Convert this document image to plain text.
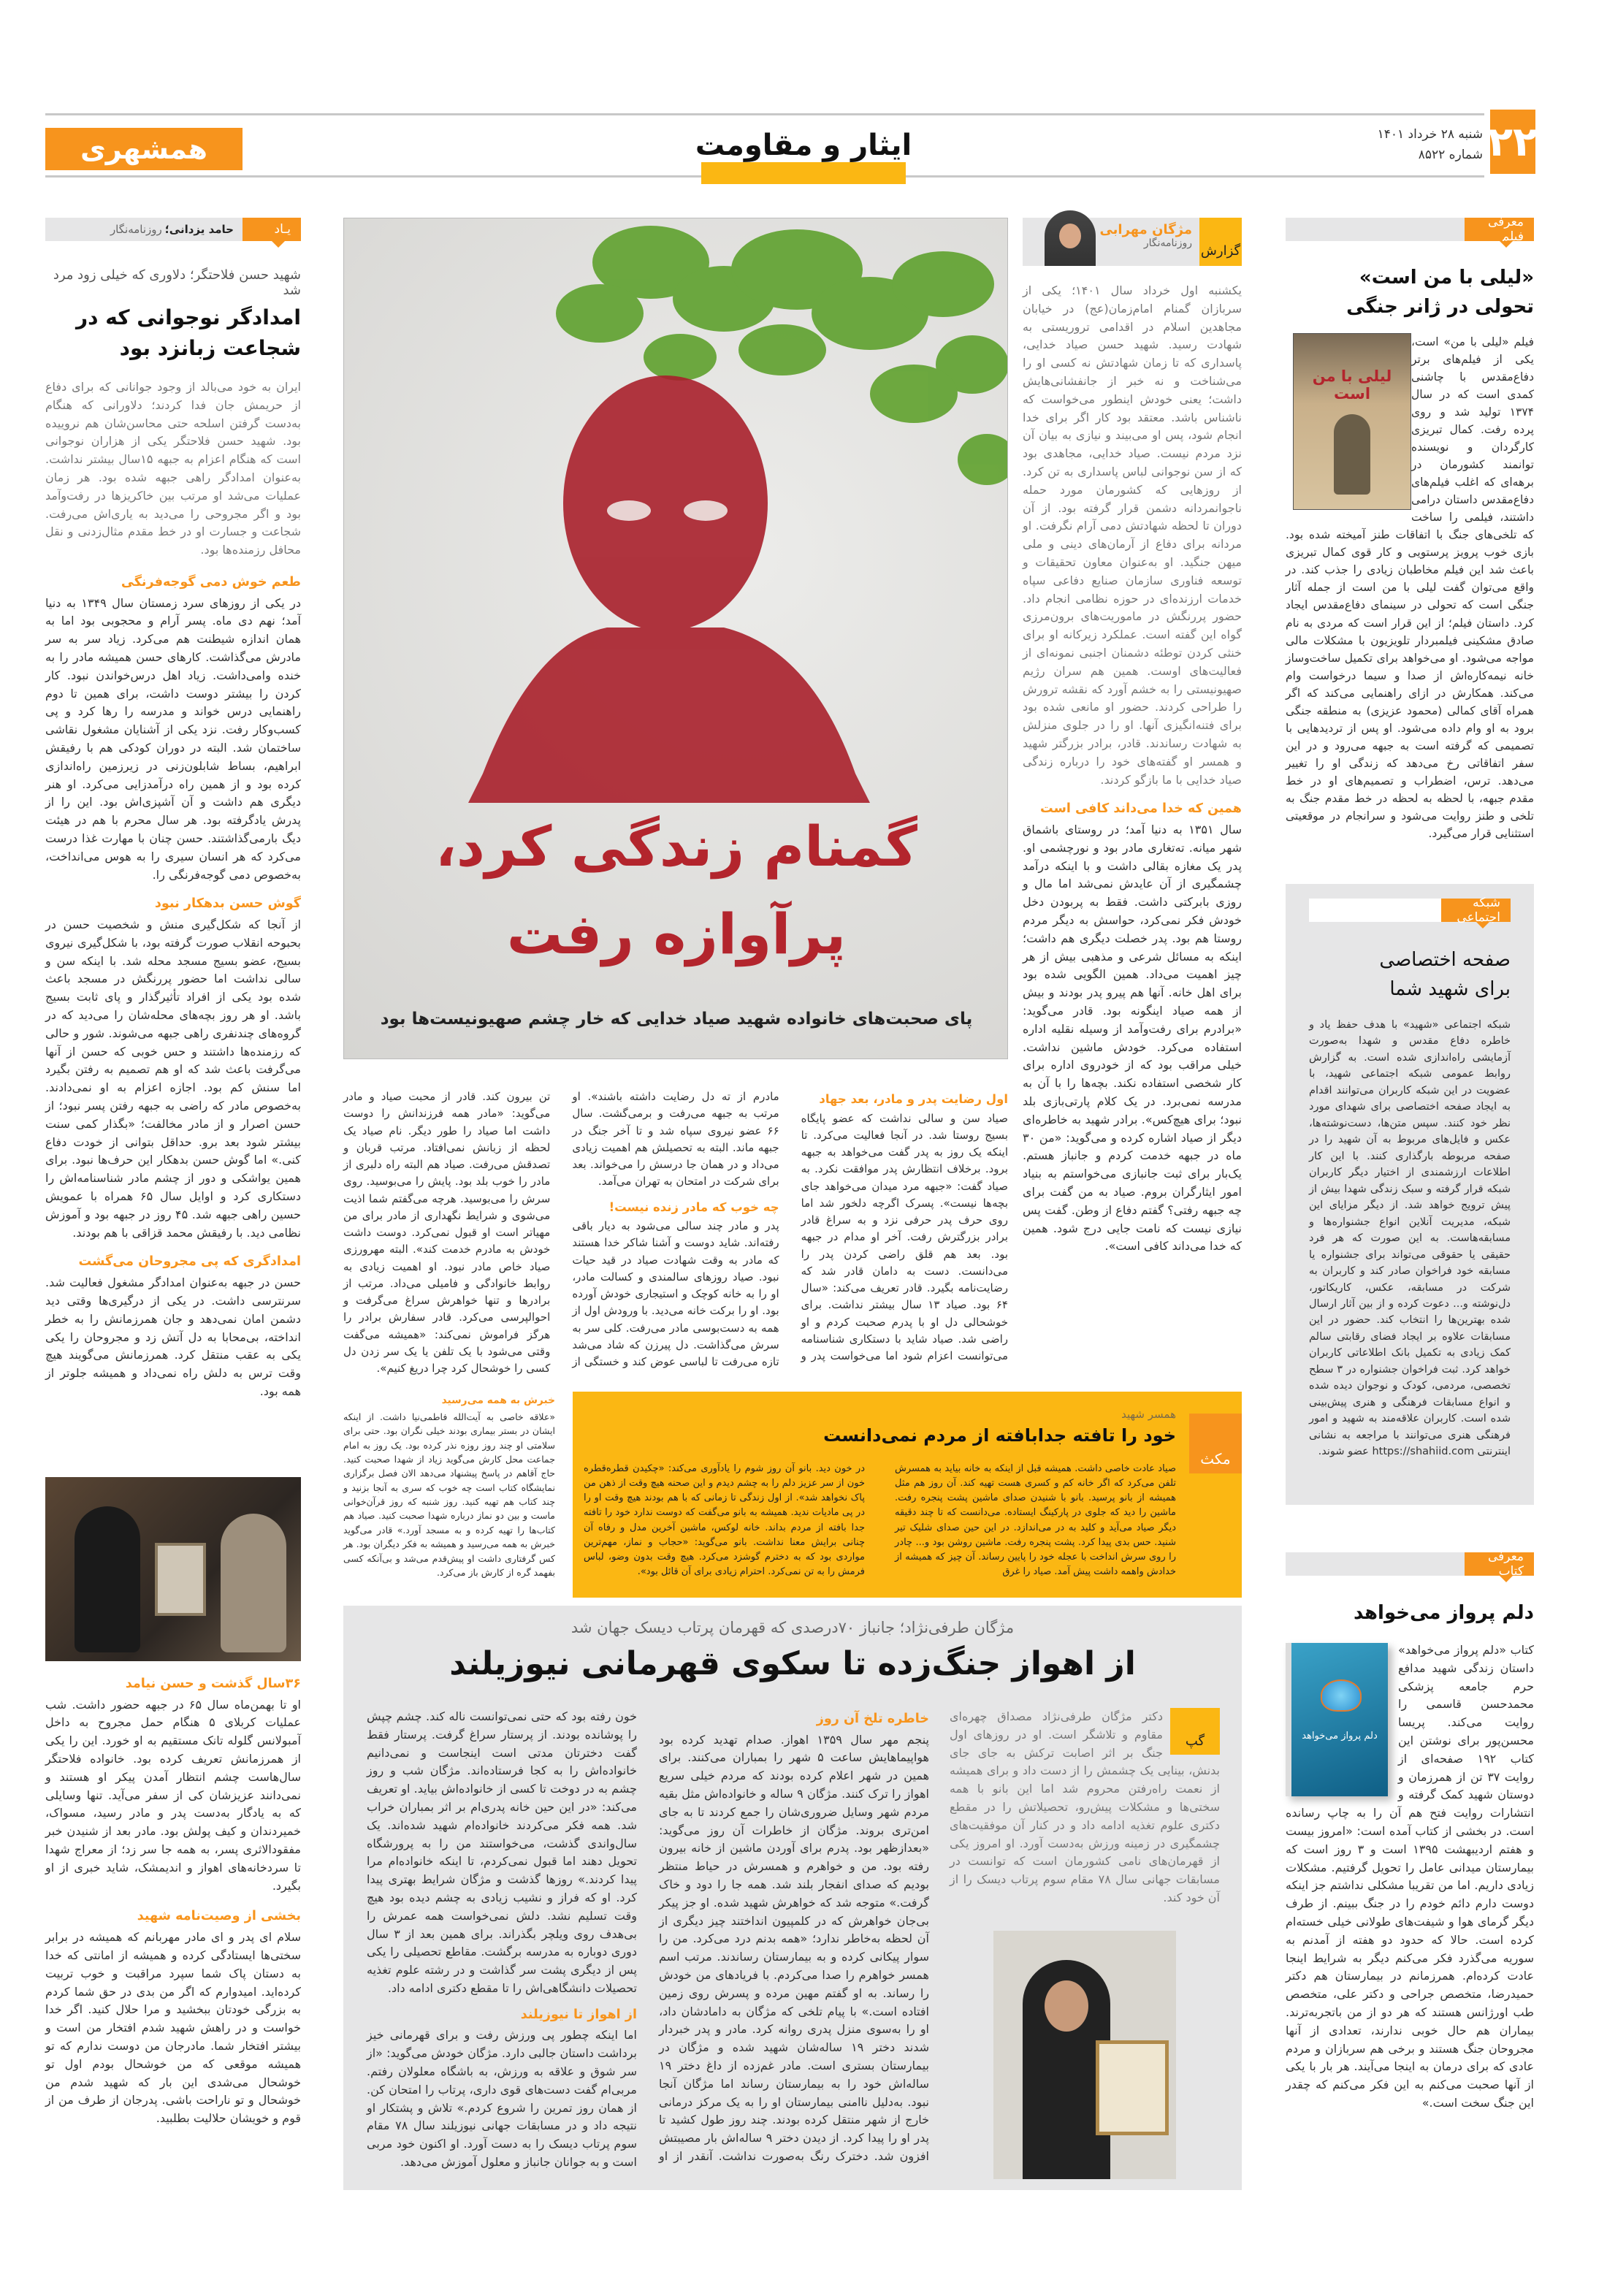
۲۲
شنبه ۲۸ خرداد ۱۴۰۱
شماره ۸۵۲۲
ایثار و مقاومت
همشهری
یـاد
حامد یزدانی؛
روزنامه‌نگار
شهید حسن فلاحتگر؛ دلاوری که خیلی زود مرد شد
امدادگر نوجوانی که در شجاعت زبانزد بود
ایران به خود می‌بالد از وجود جوانانی که برای دفاع از حریمش جان فدا کردند؛ دلاورانی که هنگام به‌دست گرفتن اسلحه حتی محاسن‌شان هم نروییده بود. شهید حسن فلاحتگر یکی از هزاران نوجوانی است که هنگام اعزام به جبهه ۱۵سال بیشتر نداشت. به‌عنوان امدادگر راهی جبهه شده بود. هر زمان عملیات می‌شد او مرتب بین خاکریزها در رفت‌وآمد بود و اگر مجروحی را می‌دید به یاری‌اش می‌رفت. شجاعت و جسارت او در خط مقدم مثال‌زدنی و نقل محافل رزمنده‌ها بود.
طعم خوش دمی گوجه‌فرنگی
در یکی از روزهای سرد زمستان سال ۱۳۴۹ به دنیا آمد؛ نهم دی ماه. پسر آرام و محجوبی بود اما به همان اندازه شیطنت هم می‌کرد. زیاد سر به سر مادرش می‌گذاشت. کارهای حسن همیشه مادر را به خنده وامی‌داشت. زیاد اهل درس‌خواندن نبود. کار کردن را بیشتر دوست داشت، برای همین تا دوم راهنمایی درس خواند و مدرسه را رها کرد و پی کسب‌وکار رفت. نزد یکی از آشنایان مشغول نقاشی ساختمان شد. البته در دوران کودکی هم با رفیقش ابراهیم، بساط شابلون‌زنی در زیرزمین راه‌اندازی کرده بود و از همین راه درآمدزایی می‌کرد. او هنر دیگری هم داشت و آن آشپزی‌اش بود. این را از پدرش یادگرفته بود. هر سال محرم با هم در هیئت دیگ بارمی‌گذاشتند. حسن چنان با مهارت غذا درست می‌کرد که هر انسان سیری را به هوس می‌انداخت، به‌خصوص دمی گوجه‌فرنگی را.
گوش حسن بدهکار نبود
از آنجا که شکل‌گیری منش و شخصیت حسن در بحبوحه انقلاب صورت گرفته بود، با شکل‌گیری نیروی بسیج، عضو بسیج مسجد محله شد. با اینکه سن و سالی نداشت اما حضور پررنگش در مسجد باعث شده بود یکی از افراد تأثیرگذار و پای ثابت بسیج باشد. او هر روز بچه‌های محله‌شان را می‌دید که در گروه‌های چندنفری راهی جبهه می‌شوند. شور و حالی که رزمنده‌ها داشتند و حس خوبی که حسن از آنها می‌گرفت باعث شد که او هم تصمیم به رفتن بگیرد اما سنش کم بود. اجازه اعزام به او نمی‌دادند. به‌خصوص مادر که راضی به جبهه رفتن پسر نبود؛ از حسن اصرار و از مادر مخالفت؛ «بگذار کمی سنت بیشتر شود بعد برو. حداقل بتوانی از خودت دفاع کنی.» اما گوش حسن بدهکار این حرف‌ها نبود. برای همین یواشکی و دور از چشم مادر شناسنامه‌اش را دستکاری کرد و اوایل سال ۶۵ همراه با عمویش حسین راهی جبهه شد. ۴۵ روز در جبهه بود و آموزش نظامی دید. با رفیقش محمد قزاقی با هم بودند.
امدادگری که پی مجروحان می‌گشت
حسن در جبهه به‌عنوان امدادگر مشغول فعالیت شد. سرنترسی داشت. در یکی از درگیری‌ها وقتی دید دشمن امان نمی‌دهد و جان همرزمانش را به خطر انداخته، بی‌محابا به دل آتش زد و مجروحان را یکی یکی به عقب منتقل کرد. همرزمانش می‌گویند هیچ وقت ترس به دلش راه نمی‌داد و همیشه جلوتر از همه بود.
۳۶سال گذشت و حسن نیامد
او تا بهمن‌ماه سال ۶۵ در جبهه حضور داشت. شب عملیات کربلای ۵ هنگام حمل مجروح به داخل آمبولانس گلوله تانک مستقیم به او خورد. این را یکی از همرزمانش تعریف کرده بود. خانواده فلاحتگر سال‌هاست چشم انتظار آمدن پیکر او هستند و نمی‌دانند عزیزشان کی از سفر می‌آید. تنها وسایلی که به یادگار به‌دست پدر و مادر رسید، مسواک، خمیردندان و کیف پولش بود. مادر بعد از شنیدن خبر مفقودالاثری پسر، به همه جا سر زد؛ از معراج شهدا تا سردخانه‌های اهواز و اندیمشک، شاید خبری از او بگیرد.
بخشی از وصیت‌نامه شهید
سلام ای پدر و ای مادر مهربانم که همیشه در برابر سختی‌ها ایستادگی کرده و همیشه از امانتی که خدا به دستان پاک شما سپرد مراقبت و خوب تربیت کرده‌اید. امیدوارم که اگر من بدی در حق شما کردم به بزرگی خودتان ببخشید و مرا حلال کنید. اگر خدا خواست و در راهش شهید شدم افتخار من است و بیشتر افتخار شما. مادرجان من دوست ندارم که تو همیشه موقعی که من خوشحال بودم اول تو خوشحال می‌شدی این بار که شهید شدم من خوشحال و تو ناراحت باشی. پدرجان از طرف من از قوم و خویشان حلالیت بطلبید.
گمنام زندگی کرد،
پرآوازه رفت
پای صحبت‌های خانواده شهید صیاد خدایی که خار چشم صهیونیست‌ها بود
گزارش
مژگان مهرابی
روزنامه‌نگار
یکشنبه اول خرداد سال ۱۴۰۱؛ یکی از سربازان گمنام امام‌زمان(عج) در خیابان مجاهدین اسلام در اقدامی تروریستی به شهادت رسید. شهید حسن صیاد خدایی، پاسداری که تا زمان شهادتش نه کسی او را می‌شناخت و نه خبر از جانفشانی‌هایش داشت؛ یعنی خودش اینطور می‌خواست که ناشناس باشد. معتقد بود کار اگر برای خدا انجام شود، پس او می‌بیند و نیازی به بیان آن نزد مردم نیست. صیاد خدایی، مجاهدی بود که از سن نوجوانی لباس پاسداری به تن کرد. از روزهایی که کشورمان مورد حمله ناجوانمردانه دشمن قرار گرفته بود. از آن دوران تا لحظه شهادتش دمی آرام نگرفت. او مردانه برای دفاع از آرمان‌های دینی و ملی میهن جنگید. او به‌عنوان معاون تحقیقات و توسعه فناوری سازمان صنایع دفاعی سپاه خدمات ارزنده‌ای در حوزه نظامی انجام داد. حضور پررنگش در ماموریت‌های برون‌مرزی گواه این گفته است. عملکرد زیرکانه او برای خنثی کردن توطئه دشمنان اجنبی نمونه‌ای از فعالیت‌های اوست. همین هم سران رژیم صهیونیستی را به خشم آورد که نقشه ترورش را طراحی کردند. حضور او مانعی شده بود برای فتنه‌انگیزی آنها. او را در جلوی منزلش به شهادت رساندند. قادر، برادر بزرگتر شهید و همسر او گفته‌های خود را درباره زندگی صیاد خدایی با ما بازگو کردند.
همین که خدا می‌داند کافی است
سال ۱۳۵۱ به دنیا آمد؛ در روستای باشماق شهر میانه. ته‌تغاری مادر بود و نورچشمی او. پدر یک مغازه بقالی داشت و با اینکه درآمد چشمگیری از آن عایدش نمی‌شد اما مال و روزی بابرکتی داشت. فقط به پربودن دخل خودش فکر نمی‌کرد، حواسش به دیگر مردم روستا هم بود. پدر خصلت دیگری هم داشت؛ اینکه به مسائل شرعی و مذهبی بیش از هر چیز اهمیت می‌داد. همین الگویی شده بود برای اهل خانه. آنها هم پیرو پدر بودند و بیش از همه صیاد اینگونه بود. قادر می‌گوید: «برادرم برای رفت‌وآمد از وسیله نقلیه اداره استفاده می‌کرد. خودش ماشین نداشت. خیلی مراقب بود که از خودروی اداره برای کار شخصی استفاده نکند. بچه‌ها را با آن به مدرسه نمی‌برد. در یک کلام پارتی‌بازی بلد نبود؛ برای هیچ‌کس». برادر شهید به خاطره‌ای دیگر از صیاد اشاره کرده و می‌گوید: «من ۳۰ ماه در جبهه خدمت کردم و جانباز هستم. یک‌بار برای ثبت جانبازی می‌خواستم به بنیاد امور ایثارگران بروم. صیاد به من گفت برای چه جبهه رفتی؟ گفتم دفاع از وطن. گفت پس نیازی نیست که نامت جایی درج شود. همین که خدا می‌داند کافی است».
اول رضایت پدر و مادر، بعد جهاد
صیاد سن و سالی نداشت که عضو پایگاه بسیج روستا شد. در آنجا فعالیت می‌کرد. تا اینکه یک روز به پدر گفت می‌خواهد به جبهه برود. برخلاف انتظارش پدر موافقت نکرد. به صیاد گفت: «جبهه مرد میدان می‌خواهد جای بچه‌ها نیست». پسرک اگرچه دلخور شد اما روی حرف پدر حرفی نزد و به سراغ قادر برادر بزرگترش رفت. آخر او مدام در جبهه بود. بعد هم قلق راضی کردن پدر را می‌دانست. دست به دامان قادر شد که رضایت‌نامه بگیرد. قادر تعریف می‌کند: «سال ۶۴ بود. صیاد ۱۳ سال بیشتر نداشت. برای خوشحالی دل او با پدرم صحبت کردم و او راضی شد. صیاد شاید با دستکاری شناسنامه می‌توانست اعزام شود اما می‌خواست پدر و مادرم از ته دل رضایت داشته باشند». او مرتب به جبهه می‌رفت و برمی‌گشت. سال ۶۶ عضو نیروی سپاه شد و تا آخر جنگ در جبهه ماند. البته به تحصیلش هم اهمیت زیادی می‌داد و در همان جا درسش را می‌خواند. بعد برای شرکت در امتحان به تهران می‌آمد.
چه خوب که مادر زنده نیست!
پدر و مادر چند سالی می‌شود به دیار باقی رفته‌اند. شاید دوست و آشنا شاکر خدا هستند که مادر به وقت شهادت صیاد در قید حیات نبود. صیاد روزهای سالمندی و کسالت مادر، او را به خانه کوچک و استیجاری خودش آورده بود. او را برکت خانه می‌دید. با ورودش اول از همه به دست‌بوسی مادر می‌رفت. کلی سر به سرش می‌گذاشت. دل پیرزن که شاد می‌شد تازه می‌رفت تا لباسی عوض کند و خستگی از تن بیرون کند. قادر از محبت صیاد و مادر می‌گوید: «مادر همه فرزندانش را دوست داشت اما صیاد را طور دیگر. نام صیاد یک لحظه از زبانش نمی‌افتاد. مرتب قربان و تصدقش می‌رفت. صیاد هم البته راه دلبری از مادر را خوب بلد بود. پایش را می‌بوسید. روی سرش را می‌بوسید. هرچه می‌گفتم شما اذیت می‌شوی و شرایط نگهداری از مادر برای من مهیاتر است او قبول نمی‌کرد. دوست داشت خودش به مادرم خدمت کند». البته مهرورزی صیاد خاص مادر نبود. او اهمیت زیادی به روابط خانوادگی و فامیلی می‌داد. مرتب از برادرها و تنها خواهرش سراغ می‌گرفت و احوالپرسی می‌کرد. قادر سفارش برادر را هرگز فراموش نمی‌کند: «همیشه می‌گفت وقتی می‌شود با یک تلفن یا یک سر زدن دل کسی را خوشحال کرد چرا دریغ کنیم».
خبرش به همه می‌رسید
«علاقه خاصی به آیت‌الله فاطمی‌نیا داشت. از اینکه ایشان در بستر بیماری بودند خیلی نگران بود. حتی برای سلامتی او چند روز روزه نذر کرده بود. یک روز به امام جماعت محل کارش می‌گوید زیاد از شهدا صحبت کنید. حاج آقاهم در پاسخ پیشنهاد می‌دهد الان فصل برگزاری نمایشگاه کتاب است چه خوب که سری به آنجا بزنید و چند کتاب هم تهیه کنید. روز شنبه که روز قرآن‌خوانی ماست و بین دو نماز درباره شهدا صحبت کنید. صیاد هم کتاب‌ها را تهیه کرده و به مسجد آورد.» قادر می‌گوید خبرش به همه می‌رسید و همیشه به فکر دیگران بود. هر کس گرفتاری داشت او پیش‌قدم می‌شد و بی‌آنکه کسی بفهمد گره از کارش باز می‌کرد.
مکث
همسر شهید
خود را تافته جدابافته از مردم نمی‌دانست
صیاد عادت خاصی داشت. همیشه قبل از اینکه به خانه بیاید به همسرش تلفن می‌کرد که اگر خانه کم و کسری هست تهیه کند. آن روز هم مثل همیشه از بانو پرسید. بانو با شنیدن صدای ماشین پشت پنجره رفت. ماشین را دید که جلوی در پارکینگ ایستاده. می‌دانست که تا چند دقیقه دیگر صیاد می‌آید و کلید به در می‌اندازد. در این حین صدای شلیک تیر شنید. حس بدی پیدا کرد. پشت پنجره رفت. ماشین روشن بود و... چادر را روی سرش انداخت با عجله خود را پایین رساند. آن چیز که همیشه از خدادش واهمه داشت پیش آمد. صیاد را غرق
در خون دید. بانو آن روز شوم را یادآوری می‌کند: «چکیدن قطره‌قطره خون از سر عزیز دلم را به چشم دیدم و این صحنه هیچ وقت از ذهن من پاک نخواهد شد». از اول زندگی تا زمانی که با هم بودند هیچ وقت او را در پی مادیات ندید. همیشه به بانو می‌گفت که دوست ندارد خود را تافته جدا بافته از مردم بداند. خانه لوکس، ماشین آخرین مدل و رفاه آن چنانی برایش معنا نداشت. بانو می‌گوید: «حجاب و نماز، مهم‌ترین مواردی بود که به دخترم گوشزد می‌کرد. هیچ وقت بدون وضو، لباس فرمش را به تن نمی‌کرد. احترام زیادی برای آن قائل بود».
مژگان طرفی‌نژاد؛ جانباز ۷۰درصدی که قهرمان پرتاب دیسک جهان شد
از اهواز جنگ‌زده تا سکوی قهرمانی نیوزیلند
گپ
دکتر مژگان طرفی‌نژاد مصداق چهره‌ای مقاوم و تلاشگر است. او در روزهای اول جنگ بر اثر اصابت ترکش به جای جای بدنش، بینایی یک چشمش را از دست داد و برای همیشه از نعمت راه‌رفتن محروم شد اما این بانو با همه سختی‌ها و مشکلات پیش‌رو، تحصیلاتش را در مقطع دکتری علوم تغذیه ادامه داد و در کنار آن موفقیت‌های چشمگیری در زمینه ورزش به‌دست آورد. او امروز یکی از قهرمان‌های نامی کشورمان است که توانست در مسابقات جهانی سال ۷۸ مقام سوم پرتاب دیسک را از آن خود کند.
خاطره تلخ آن روز
پنجم مهر سال ۱۳۵۹ اهواز. صدام تهدید کرده بود هواپیماهایش ساعت ۵ شهر را بمباران می‌کنند. برای همین در شهر اعلام کرده بودند که مردم خیلی سریع اهواز را ترک کنند. مژگان ۹ ساله و خانواده‌اش مثل بقیه مردم شهر وسایل ضروری‌شان را جمع کردند تا به جای امن‌تری بروند. مژگان از خاطرات آن روز می‌گوید: «بعدازظهر بود. پدرم برای آوردن ماشین از خانه بیرون رفته بود. من و خواهرم و همسرش در حیاط منتظر بودیم که صدای انفجار بلند شد. همه جا را دود و خاک گرفت.» متوجه شد که خواهرش شهید شده. او جز پیکر بی‌جان خواهرش که در کلمپیون انداختند چیز دیگری از آن لحظه به‌خاطر ندارد؛ «همه بدنم درد می‌کرد. من را سوار پیکانی کرده و به بیمارستان رساندند. مرتب اسم همسر خواهرم را صدا می‌کردم. با فریادهای من خودش را رساند. به او گفتم مهین مرده و پسرش روی زمین افتاده است.» با پیام تلخی که مژگان به دامادشان داد، او را به‌سوی منزل پدری روانه کرد. مادر و پدر خبردار شدند دختر ۱۹ ساله‌شان شهید شده و مژگان در بیمارستان بستری است. مادر غم‌زده از داغ دختر ۱۹ ساله‌اش خود را به بیمارستان رساند اما مژگان آنجا نبود. به‌دلیل ناامنی بیمارستان او را به یک مرکز درمانی خارج از شهر منتقل کرده بودند. چند روز طول کشید تا پدر او را پیدا کرد. از دیدن دختر ۹ ساله‌اش بار مصیبتش افزون شد. دخترک رنگ به‌صورت نداشت. آنقدر از او خون رفته بود که حتی نمی‌توانست ناله کند. چشم چپش را پوشانده بودند. از پرستار سراغ گرفت. پرستار فقط گفت دخترتان مدتی است اینجاست و نمی‌دانیم خانواده‌اش را به کجا فرستاده‌اند. مژگان شب و روز چشم به در دوخت تا کسی از خانواده‌اش بیاید. او تعریف می‌کند: «در این حین خانه پدری‌ام بر اثر بمباران خراب شد. همه فکر می‌کردند خانواده‌ام شهید شده‌اند. یک سال‌واندی گذشت، می‌خواستند من را به پرورشگاه تحویل دهند اما قبول نمی‌کردم، تا اینکه خانواده‌ام مرا پیدا کردند.» روزها گذشت و مژگان شرایط بهتری پیدا کرد. او که فراز و نشیب زیادی به چشم دیده بود هیچ وقت تسلیم نشد. دلش نمی‌خواست همه عمرش را بی‌هدف روی ویلچر بگذراند. برای همین بعد از ۳ سال دوری دوباره به مدرسه برگشت. مقاطع تحصیلی را یکی پس از دیگری پشت سر گذاشت و در رشته علوم تغذیه تحصیلات دانشگاهی‌اش را تا مقطع دکتری ادامه داد.
از اهواز تا نیوزیلند
اما اینکه چطور پی ورزش رفت و برای قهرمانی خیز برداشت داستان جالبی دارد. مژگان خودش می‌گوید: «از سر شوق و علاقه به ورزش، به باشگاه معلولان رفتم. مربی‌ام گفت دست‌های قوی داری، پرتاب را امتحان کن. از همان روز تمرین را شروع کردم.» تلاش و پشتکار او نتیجه داد و در مسابقات جهانی نیوزیلند سال ۷۸ مقام سوم پرتاب دیسک را به دست آورد. او اکنون خود مربی است و به جوانان جانباز و معلول آموزش می‌دهد.
معرفی فیلم
«لیلی با من است»
تحولی در ژانر جنگی
لیلی با من است
فیلم «لیلی با من» است، یکی از فیلم‌های برتر دفاع‌مقدس با چاشنی کمدی است که در سال ۱۳۷۴ تولید شد و روی پرده رفت. کمال تبریزی کارگردان و نویسنده توانمند کشورمان در برهه‌ای که اغلب فیلم‌های دفاع‌مقدس داستان درامی داشتند، فیلمی را ساخت که تلخی‌های جنگ با اتفاقات طنز آمیخته شده بود. بازی خوب پرویز پرستویی و کار قوی کمال تبریزی باعث شد این فیلم مخاطبان زیادی را جذب کند. در واقع می‌توان گفت لیلی با من است از جمله آثار جنگی است که تحولی در سینمای دفاع‌مقدس ایجاد کرد. داستان فیلم؛ از این قرار است که مردی به نام صادق مشکینی فیلمبردار تلویزیون با مشکلات مالی مواجه می‌شود. او می‌خواهد برای تکمیل ساخت‌وساز خانه نیمه‌کاره‌اش از صدا و سیما درخواست وام می‌کند. همکارش در ازای راهنمایی می‌کند که اگر همراه آقای کمالی (محمود عزیزی) به منطقه جنگی برود به او وام داده می‌شود. او پس از تردیدهایی با تصمیمی که گرفته است به جبهه می‌رود و در این سفر اتفاقاتی رخ می‌دهد که زندگی او را تغییر می‌دهد. ترس، اضطراب و تصمیم‌های او در خط مقدم جبهه، با لحظه به لحظه در خط مقدم جنگ به تلخی و طنز روایت می‌شود و سرانجام در موقعیتی استثنایی قرار می‌گیرد.
شبکه اجتماعی
صفحه اختصاصی
برای شهید شما
شبکه اجتماعی «شهید» با هدف حفظ یاد و خاطره دفاع مقدس و شهدا به‌صورت آزمایشی راه‌اندازی شده است. به گزارش روابط عمومی شبکه اجتماعی شهید، با عضویت در این شبکه کاربران می‌توانند اقدام به ایجاد صفحه اختصاصی برای شهدای مورد نظر خود کنند. سپس متن‌ها، دست‌نوشته‌ها، عکس و فایل‌های مربوط به آن شهید را در صفحه مربوطه بارگذاری کنند. با این کار اطلاعات ارزشمندی از اختیار دیگر کاربران شبکه قرار گرفته و سبک زندگی شهدا بیش از پیش ترویج خواهد شد. از دیگر مزایای این شبکه، مدیریت آنلاین انواع جشنواره‌ها و مسابقه‌هاست. به این صورت که هر فرد حقیقی یا حقوقی می‌تواند برای جشنواره یا مسابقه خود فراخوان صادر کند و کاربران به شرکت در مسابقه، عکس، کاریکاتور، دل‌نوشته و... دعوت کرده و از بین آثار ارسال شده بهترین‌ها را انتخاب کند. حضور در این مسابقات علاوه بر ایجاد فضای رقابتی سالم کمک زیادی به تکمیل بانک اطلاعاتی کاربران خواهد کرد. ثبت فراخوان جشنواره در ۳ سطح تخصصی، مردمی، کودک و نوجوان دیده شده و انواع مسابقات فرهنگی و هنری پیش‌بینی شده است. کاربران علاقه‌مند به شهید و امور فرهنگی هنری می‌توانند با مراجعه به نشانی اینترنتی https://shahiid.com عضو شوند.
معرفی کتاب
دلم پرواز می‌خواهد
دلم پرواز می‌خواهد
کتاب «دلم پرواز می‌خواهد» داستان زندگی شهید مدافع حرم جامعه پزشکی محمدحسن قاسمی را روایت می‌کند. پریسا محسن‌پور برای نوشتن این کتاب ۱۹۲ صفحه‌ای از روایت ۳۷ تن از همرزمان و دوستان شهید کمک گرفته و انتشارات روایت فتح هم آن را به چاپ رسانده است. در بخشی از کتاب آمده است: «امروز بیست و هفتم اردیبهشت ۱۳۹۵ است و ۳ روز است که بیمارستان میدانی عامل را تحویل گرفتیم. مشکلات زیادی داریم. اما من تقریبا مشکلی نداشتم جز اینکه دوست دارم دائم خودم را در جنگ ببینم. از طرف دیگر گرمای هوا و شیفت‌های طولانی خیلی خسته‌ام کرده است. حالا که حدود دو هفته از آمدنم به سوریه می‌گذرد فکر می‌کنم دیگر به شرایط اینجا عادت کرده‌ام. همرزمانم در بیمارستان هم دکتر حمیدرضا، متخصص جراحی و دکتر علی، متخصص طب اورژانس هستند که هر دو از من باتجربه‌ترند. بیماران هم حال خوبی ندارند، تعدادی از آنها مجروحان جنگ هستند و برخی هم سربازان و مردم عادی که برای درمان به اینجا می‌آیند. هر بار با یکی از آنها صحبت می‌کنم به این فکر می‌کنم که چقدر این جنگ سخت است.»
